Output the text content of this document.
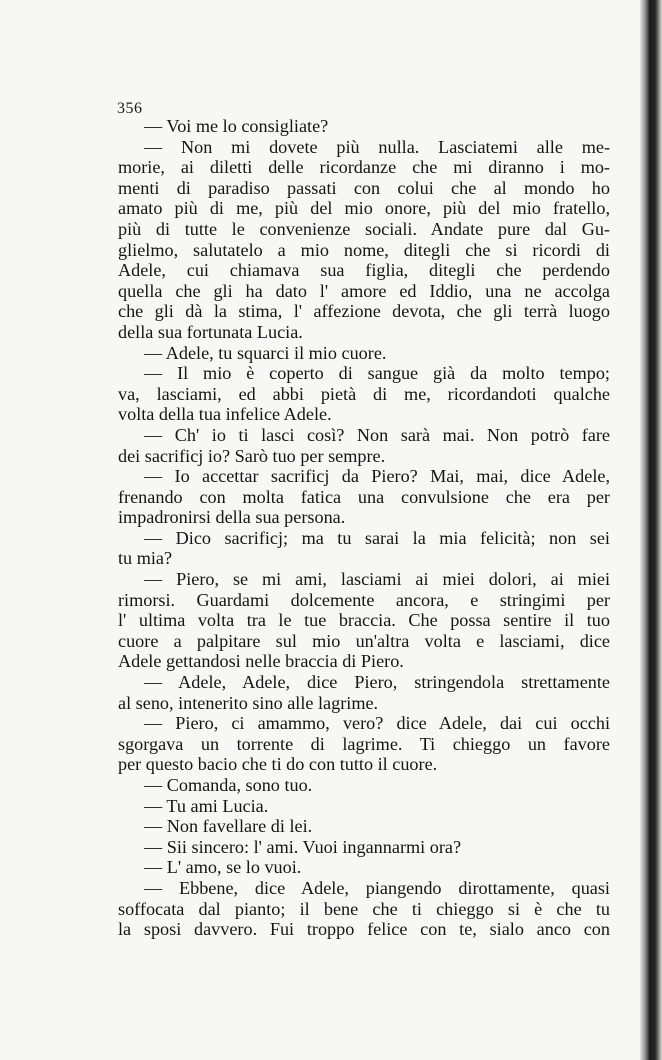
356
— Voi me lo consigliate?
— Non mi dovete più nulla. Lasciatemi alle me-
morie, ai diletti delle ricordanze che mi diranno i mo-
menti di paradiso passati con colui che al mondo ho
amato più di me, più del mio onore, più del mio fratello,
più di tutte le convenienze sociali. Andate pure dal Gu-
glielmo, salutatelo a mio nome, ditegli che si ricordi di
Adele, cui chiamava sua figlia, ditegli che perdendo
quella che gli ha dato l' amore ed Iddio, una ne accolga
che gli dà la stima, l' affezione devota, che gli terrà luogo
della sua fortunata Lucia.
— Adele, tu squarci il mio cuore.
— Il mio è coperto di sangue già da molto tempo;
va, lasciami, ed abbi pietà di me, ricordandoti qualche
volta della tua infelice Adele.
— Ch' io ti lasci così? Non sarà mai. Non potrò fare
dei sacrificj io? Sarò tuo per sempre.
— Io accettar sacrificj da Piero? Mai, mai, dice Adele,
frenando con molta fatica una convulsione che era per
impadronirsi della sua persona.
— Dico sacrificj; ma tu sarai la mia felicità; non sei
tu mia?
— Piero, se mi ami, lasciami ai miei dolori, ai miei
rimorsi. Guardami dolcemente ancora, e stringimi per
l' ultima volta tra le tue braccia. Che possa sentire il tuo
cuore a palpitare sul mio un'altra volta e lasciami, dice
Adele gettandosi nelle braccia di Piero.
— Adele, Adele, dice Piero, stringendola strettamente
al seno, intenerito sino alle lagrime.
— Piero, ci amammo, vero? dice Adele, dai cui occhi
sgorgava un torrente di lagrime. Ti chieggo un favore
per questo bacio che ti do con tutto il cuore.
— Comanda, sono tuo.
— Tu ami Lucia.
— Non favellare di lei.
— Sii sincero: l' ami. Vuoi ingannarmi ora?
— L' amo, se lo vuoi.
— Ebbene, dice Adele, piangendo dirottamente, quasi
soffocata dal pianto; il bene che ti chieggo si è che tu
la sposi davvero. Fui troppo felice con te, sialo anco con
